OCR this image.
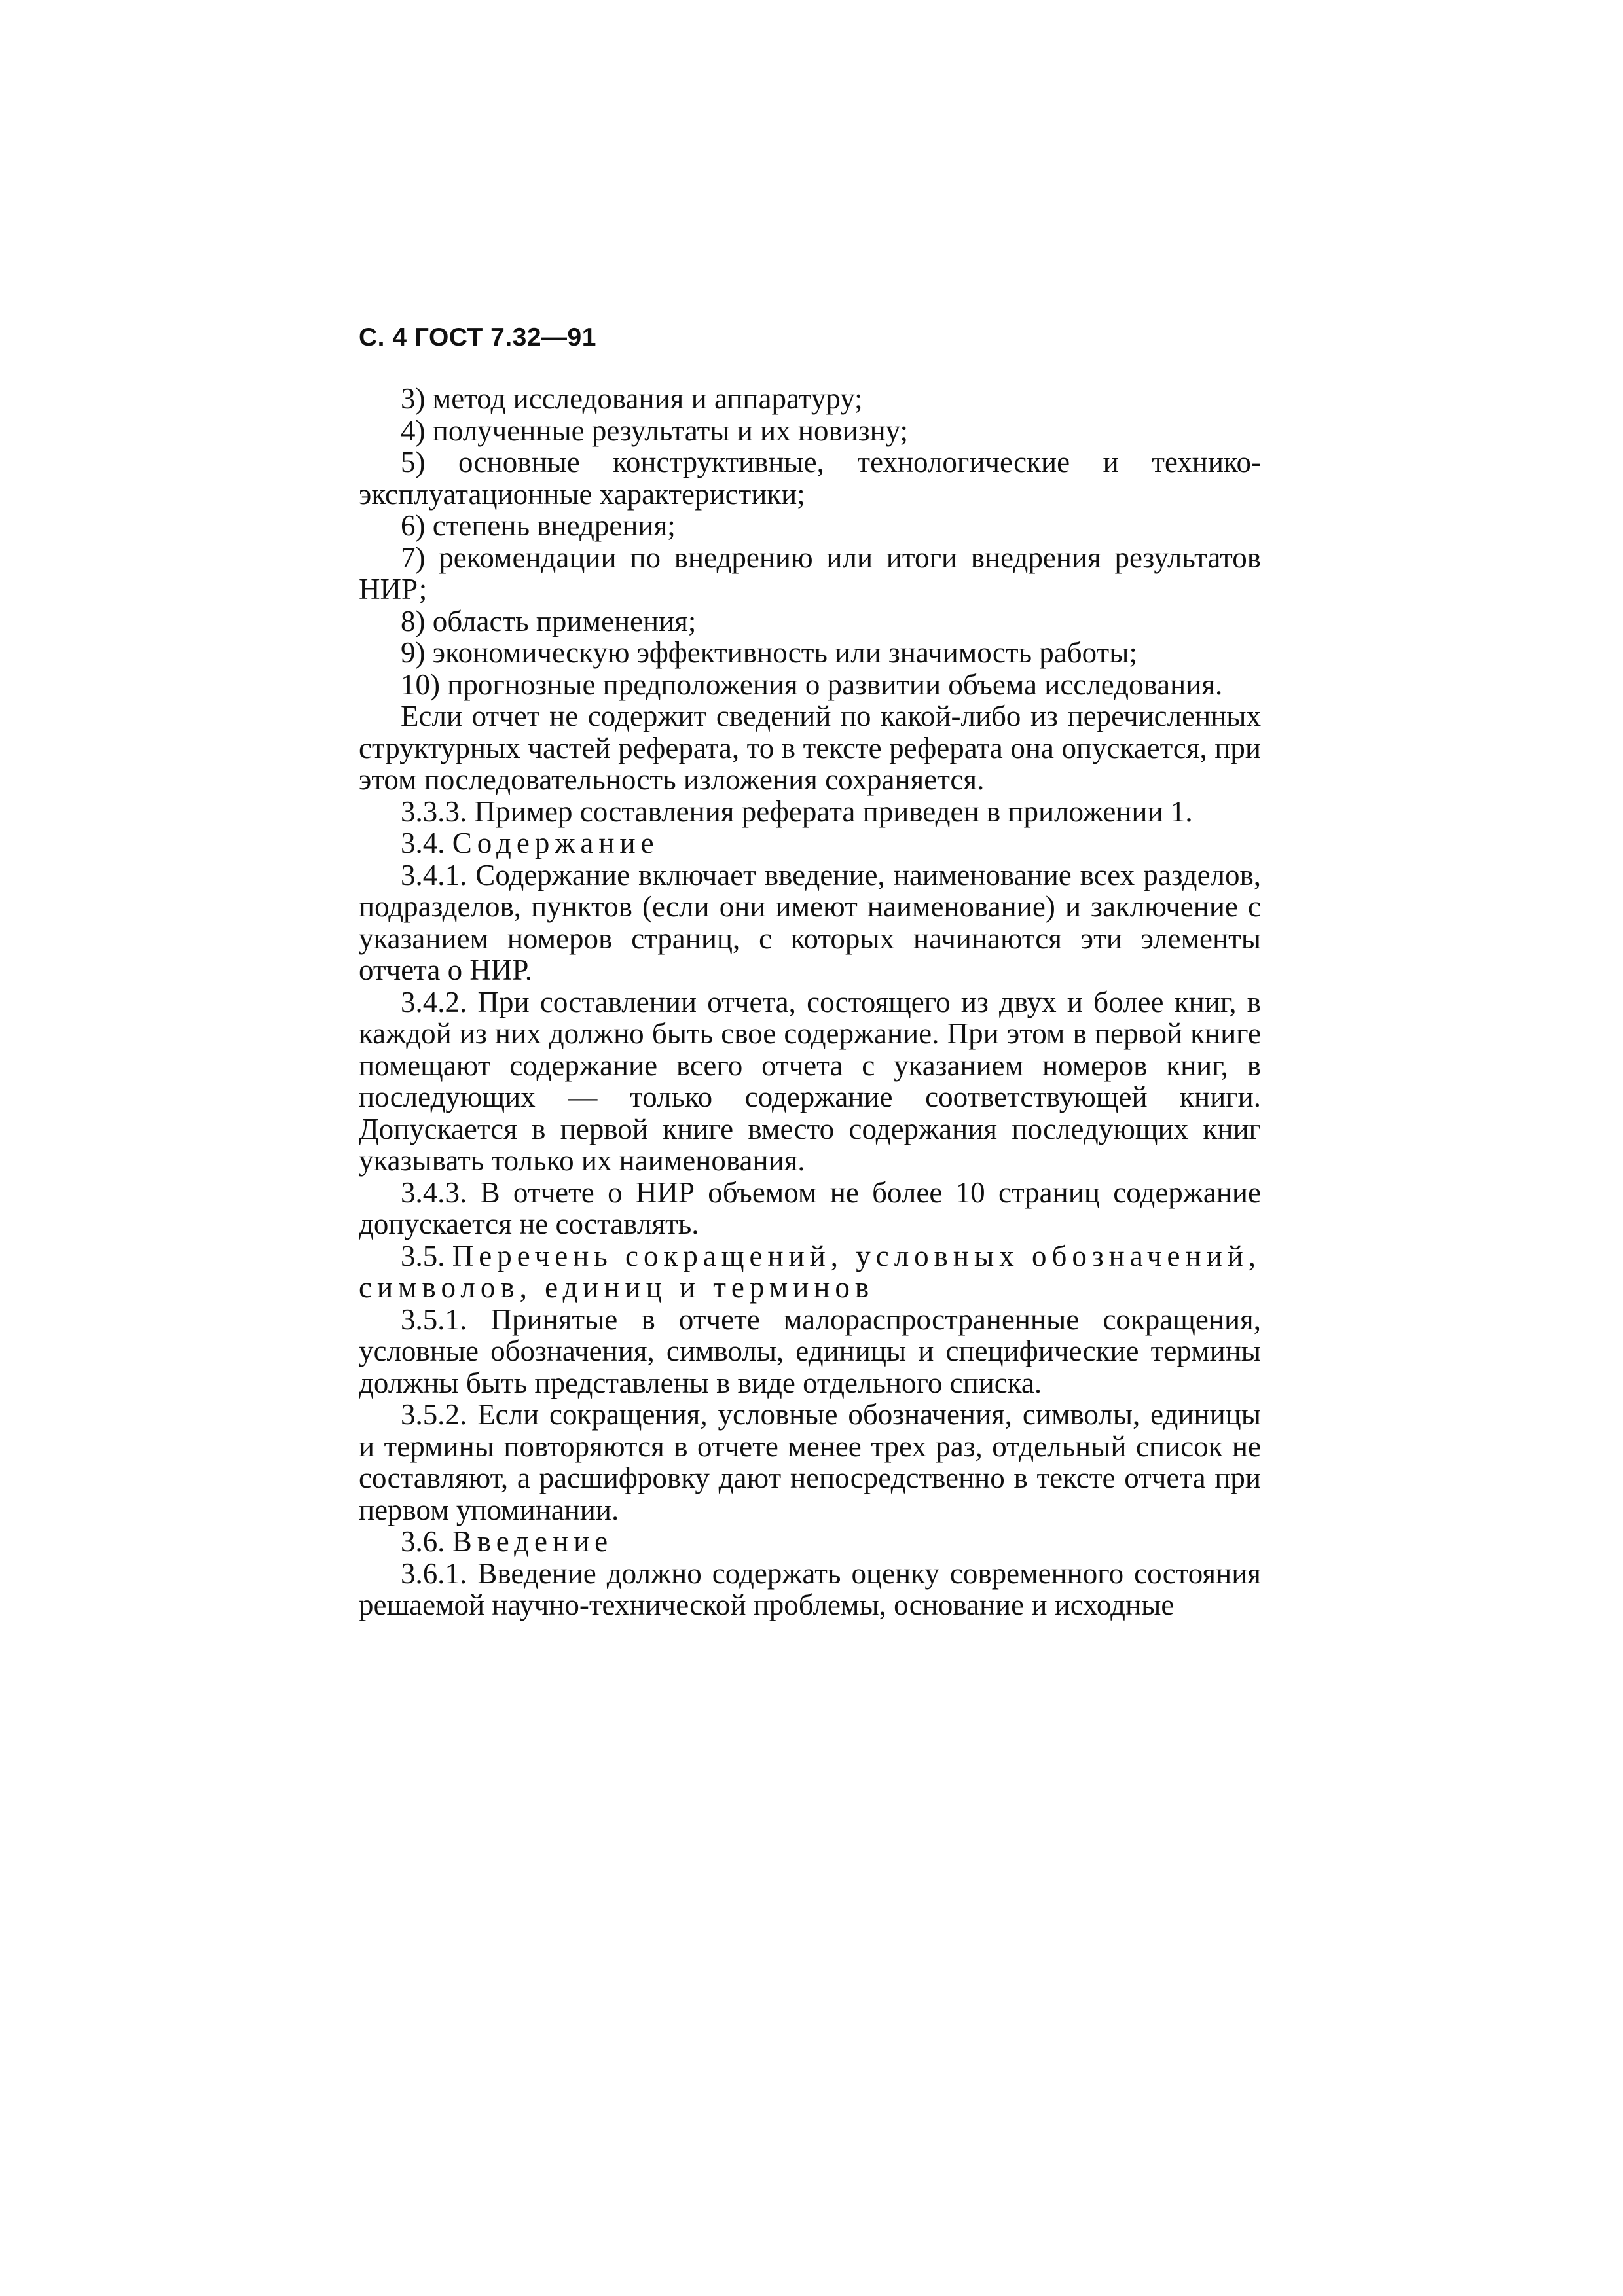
С. 4 ГОСТ 7.32—91

3) метод исследования и аппаратуру;

4) полученные результаты и их новизну;

5) основные конструктивные, технологические и технико-эксплуатационные характеристики;

6) степень внедрения;

7) рекомендации по внедрению или итоги внедрения результатов НИР;

8) область применения;

9) экономическую эффективность или значимость работы;

10) прогнозные предположения о развитии объема исследования.

Если отчет не содержит сведений по какой-либо из перечисленных структурных частей реферата, то в тексте реферата она опускается, при этом последовательность изложения сохраняется.

3.3.3. Пример составления реферата приведен в приложении 1.

3.4. Содержание

3.4.1. Содержание включает введение, наименование всех разделов, подразделов, пунктов (если они имеют наименование) и заключение с указанием номеров страниц, с которых начинаются эти элементы отчета о НИР.

3.4.2. При составлении отчета, состоящего из двух и более книг, в каждой из них должно быть свое содержание. При этом в первой книге помещают содержание всего отчета с указанием номеров книг, в последующих — только содержание соответствующей книги. Допускается в первой книге вместо содержания последующих книг указывать только их наименования.

3.4.3. В отчете о НИР объемом не более 10 страниц содержание допускается не составлять.

3.5. Перечень сокращений, условных обозначений, символов, единиц и терминов

3.5.1. Принятые в отчете малораспространенные сокращения, условные обозначения, символы, единицы и специфические термины должны быть представлены в виде отдельного списка.

3.5.2. Если сокращения, условные обозначения, символы, единицы и термины повторяются в отчете менее трех раз, отдельный список не составляют, а расшифровку дают непосредственно в тексте отчета при первом упоминании.

3.6. Введение

3.6.1. Введение должно содержать оценку современного состояния решаемой научно-технической проблемы, основание и исходные
